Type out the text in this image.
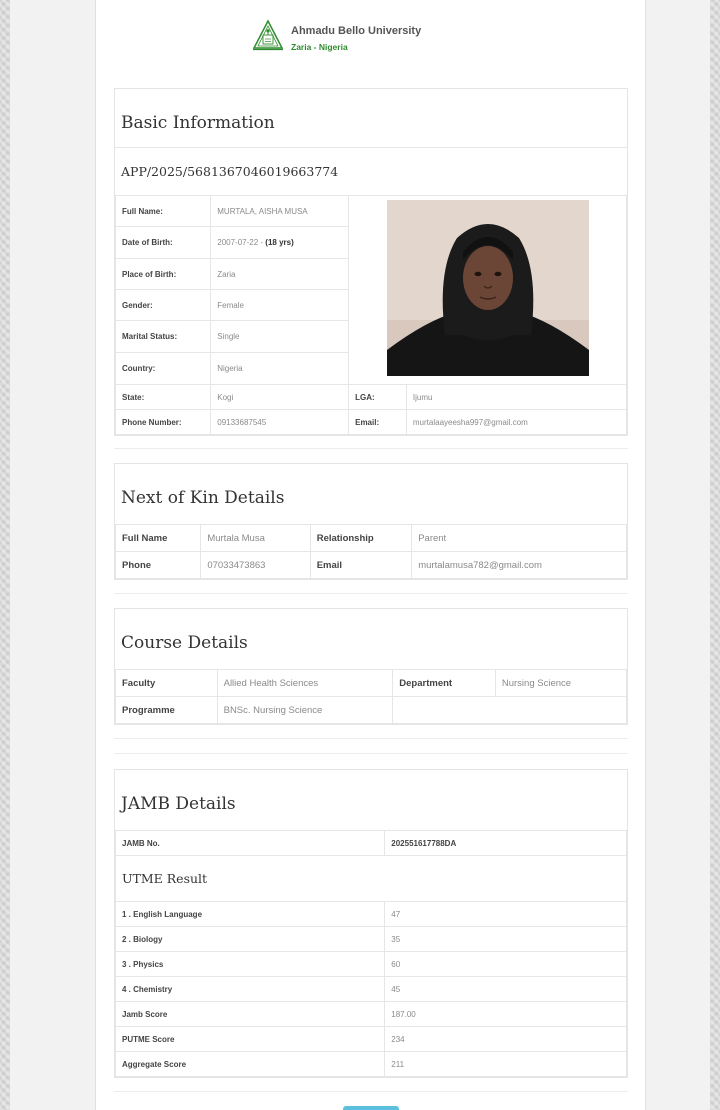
Ahmadu Bello University
Zaria - Nigeria
Basic Information
APP/2025/5681367046019663774
Full Name:	MURTALA, AISHA MUSA	
Date of Birth:	2007-07-22 - (18 yrs)		
Place of Birth:	Zaria		
Gender:	Female		
Marital Status:	Single		
Country:	Nigeria		
State:	Kogi	LGA:	Ijumu
Phone Number:	09133687545	Email:	murtalaayeesha997@gmail.com
Next of Kin Details
Full Name	Murtala Musa	Relationship	Parent
Phone	07033473863	Email	murtalamusa782@gmail.com
Course Details
Faculty	Allied Health Sciences	Department	Nursing Science
Programme	BNSc. Nursing Science		
JAMB Details
JAMB No.	202551617788DA
UTME Result	
1 . English Language	47
2 . Biology	35
3 . Physics	60
4 . Chemistry	45
Jamb Score	187.00
PUTME Score	234
Aggregate Score	211
